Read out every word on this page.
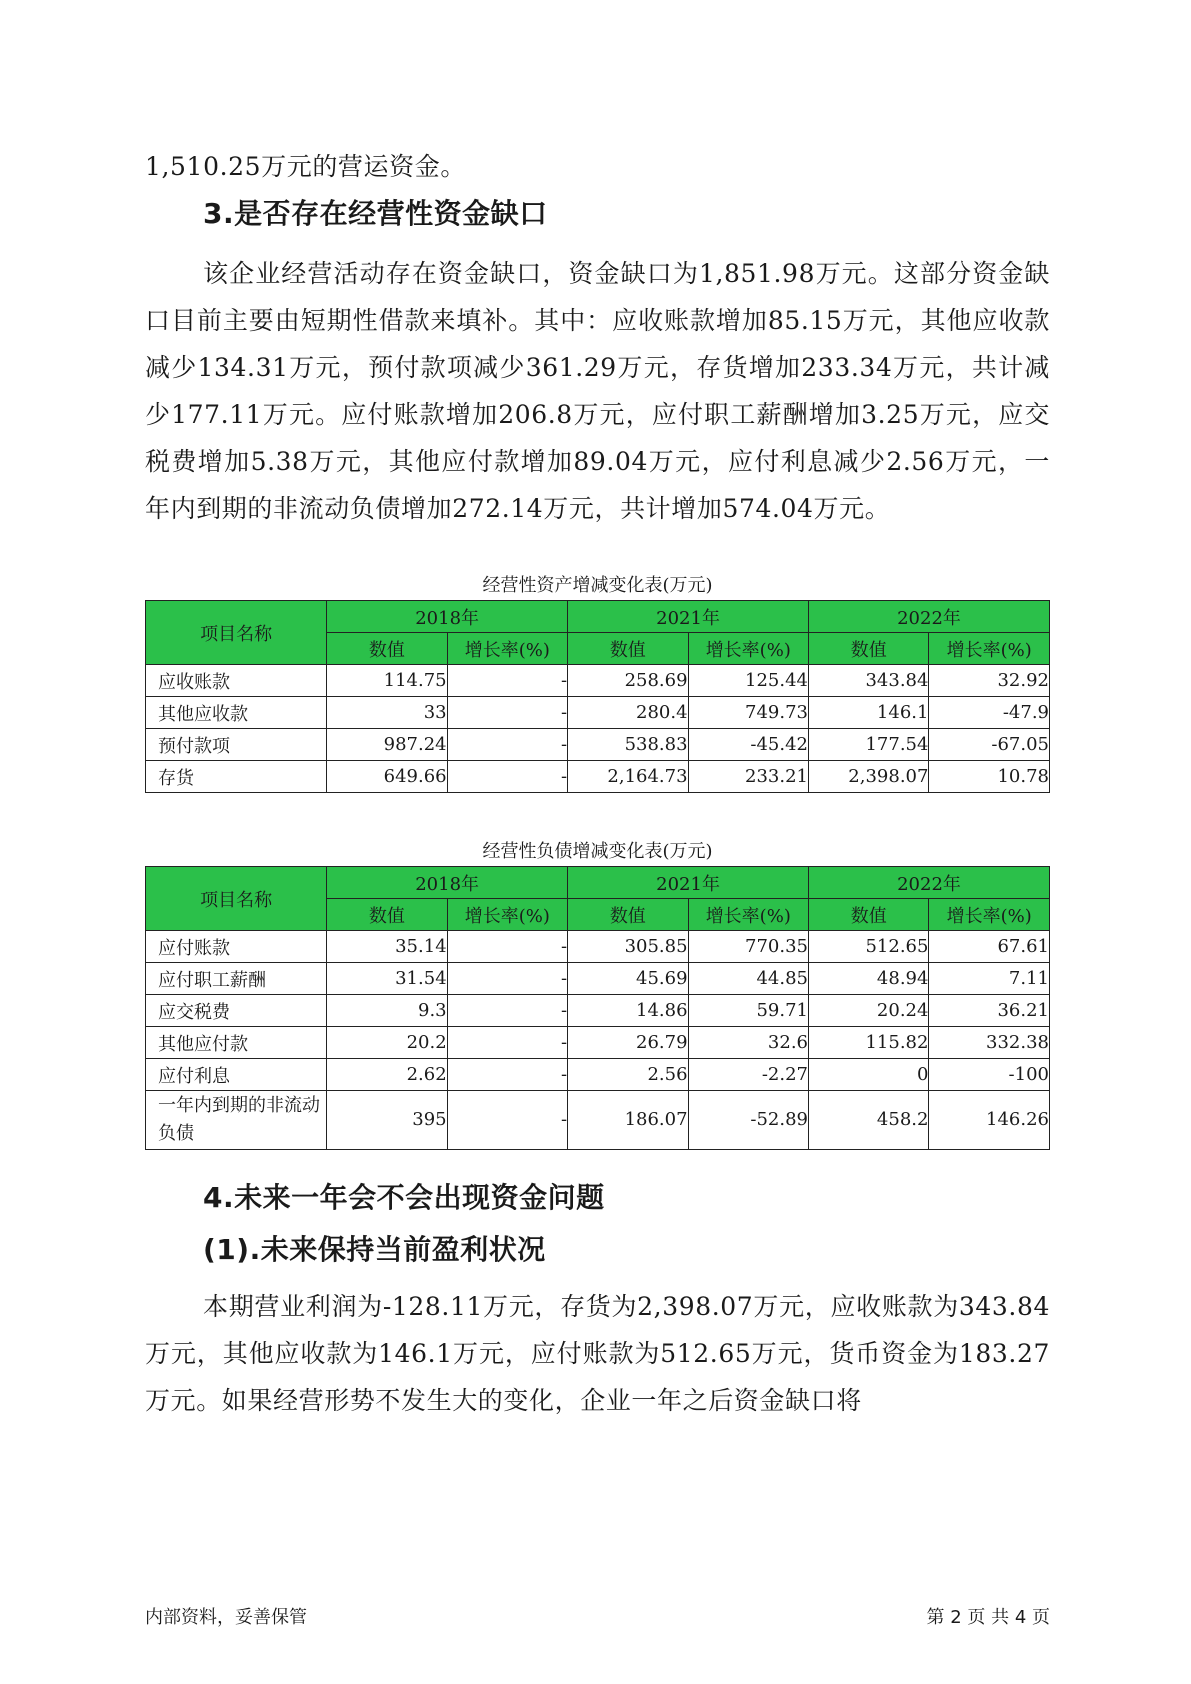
1,510.25万元的营运资金。

3.是否存在经营性资金缺口

该企业经营活动存在资金缺口，资金缺口为1,851.98万元。这部分资金缺口目前主要由短期性借款来填补。其中：应收账款增加85.15万元，其他应收款减少134.31万元，预付款项减少361.29万元，存货增加233.34万元，共计减少177.11万元。应付账款增加206.8万元，应付职工薪酬增加3.25万元，应交税费增加5.38万元，其他应付款增加89.04万元，应付利息减少2.56万元，一年内到期的非流动负债增加272.14万元，共计增加574.04万元。

经营性资产增减变化表(万元)

项目名称	2018年		2021年		2022年	
	数值	增长率(%)	数值	增长率(%)	数值	增长率(%)
应收账款	114.75	-	258.69	125.44	343.84	32.92
其他应收款	33	-	280.4	749.73	146.1	-47.9
预付款项	987.24	-	538.83	-45.42	177.54	-67.05
存货	649.66	-	2,164.73	233.21	2,398.07	10.78

经营性负债增减变化表(万元)

项目名称	2018年		2021年		2022年	
	数值	增长率(%)	数值	增长率(%)	数值	增长率(%)
应付账款	35.14	-	305.85	770.35	512.65	67.61
应付职工薪酬	31.54	-	45.69	44.85	48.94	7.11
应交税费	9.3	-	14.86	59.71	20.24	36.21
其他应付款	20.2	-	26.79	32.6	115.82	332.38
应付利息	2.62	-	2.56	-2.27	0	-100
一年内到期的非流动负债	395	-	186.07	-52.89	458.2	146.26
4.未来一年会不会出现资金问题
(1).未来保持当前盈利状况

本期营业利润为-128.11万元，存货为2,398.07万元，应收账款为343.84万元，其他应收款为146.1万元，应付账款为512.65万元，货币资金为183.27万元。如果经营形势不发生大的变化，企业一年之后资金缺口将

内部资料，妥善保管	第 2 页 共 4 页
